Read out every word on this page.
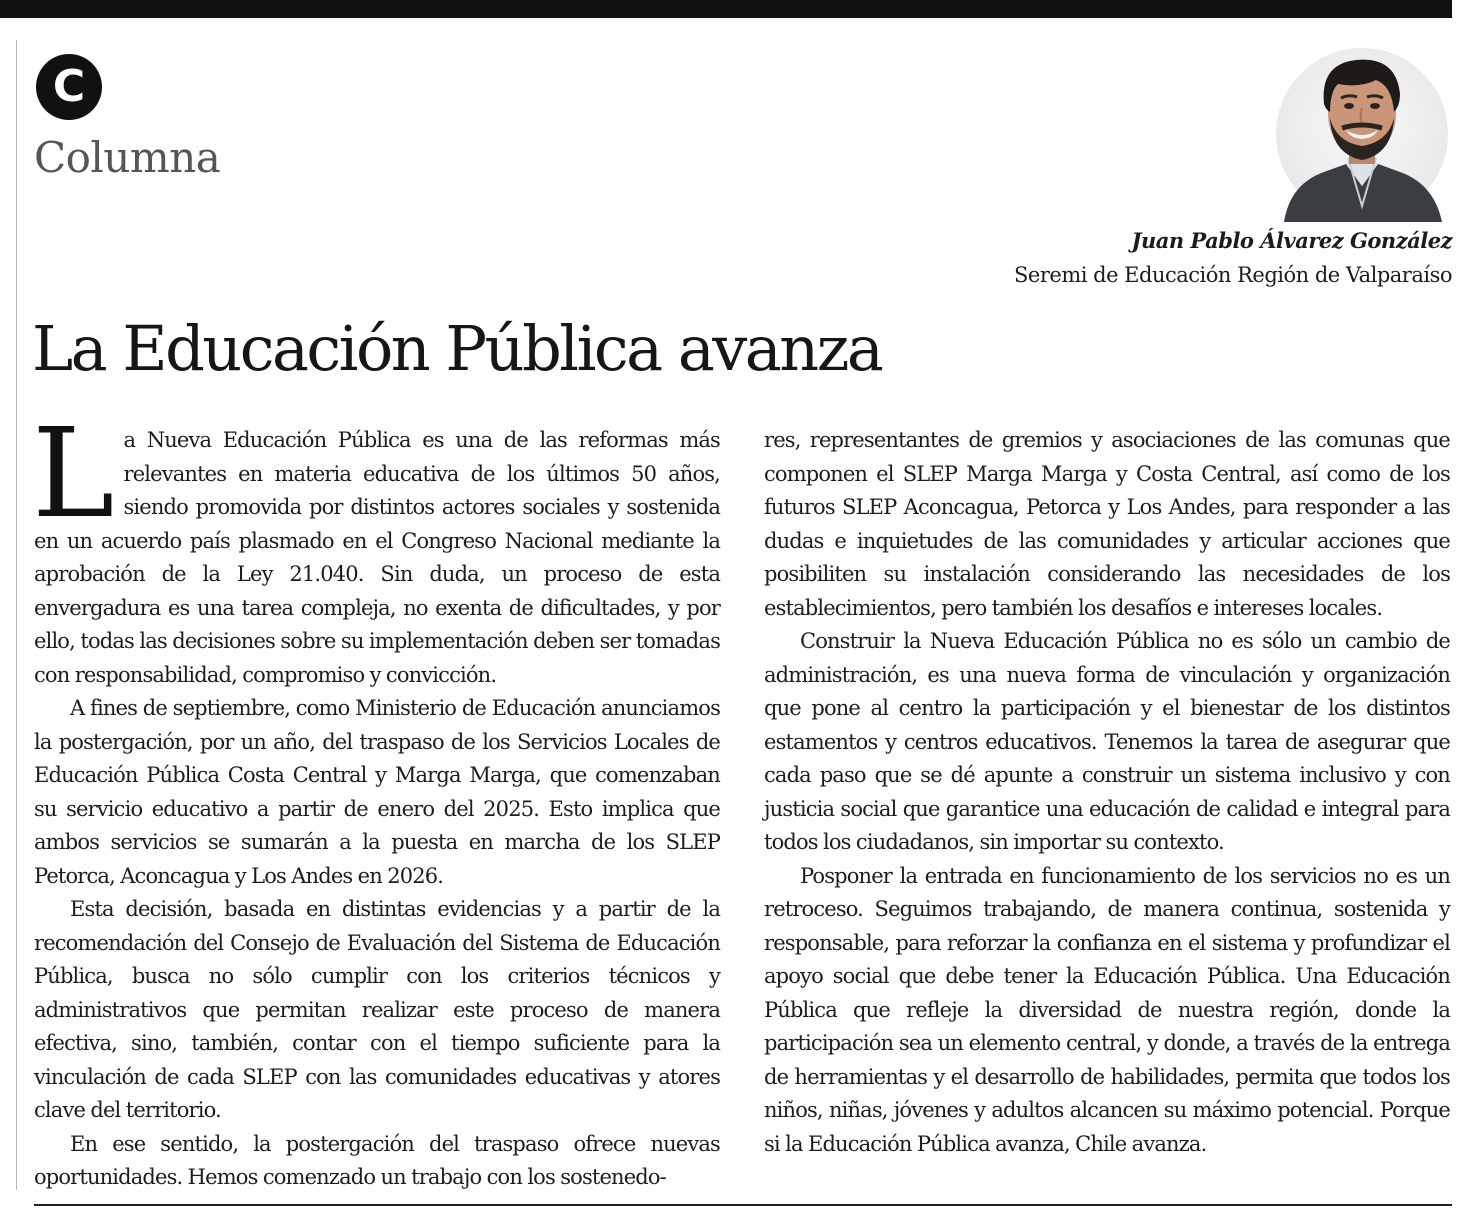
C
Columna
Juan Pablo Álvarez González
Seremi de Educación Región de Valparaíso
La Educación Pública avanza

La Nueva Educación Pública es una de las reformas más relevantes en materia educativa de los últimos 50 años, siendo promovida por distintos actores sociales y sostenida en un acuerdo país plasmado en el Congreso Nacional mediante la aprobación de la Ley 21.040. Sin duda, un proceso de esta envergadura es una tarea compleja, no exenta de dificultades, y por ello, todas las decisiones sobre su implementación deben ser tomadas con responsabilidad, compromiso y convicción.

A fines de septiembre, como Ministerio de Educación anunciamos la postergación, por un año, del traspaso de los Servicios Locales de Educación Pública Costa Central y Marga Marga, que comenzaban su servicio educativo a partir de enero del 2025. Esto implica que ambos servicios se sumarán a la puesta en marcha de los SLEP Petorca, Aconcagua y Los Andes en 2026.

Esta decisión, basada en distintas evidencias y a partir de la recomendación del Consejo de Evaluación del Sistema de Educación Pública, busca no sólo cumplir con los criterios técnicos y administrativos que permitan realizar este proceso de manera efectiva, sino, también, contar con el tiempo suficiente para la vinculación de cada SLEP con las comunidades educativas y atores clave del territorio.

En ese sentido, la postergación del traspaso ofrece nuevas oportunidades. Hemos comenzado un trabajo con los sostenedo-

res, representantes de gremios y asociaciones de las comunas que componen el SLEP Marga Marga y Costa Central, así como de los futuros SLEP Aconcagua, Petorca y Los Andes, para responder a las dudas e inquietudes de las comunidades y articular acciones que posibiliten su instalación considerando las necesidades de los establecimientos, pero también los desafíos e intereses locales.

Construir la Nueva Educación Pública no es sólo un cambio de administración, es una nueva forma de vinculación y organización que pone al centro la participación y el bienestar de los distintos estamentos y centros educativos. Tenemos la tarea de asegurar que cada paso que se dé apunte a construir un sistema inclusivo y con justicia social que garantice una educación de calidad e integral para todos los ciudadanos, sin importar su contexto.

Posponer la entrada en funcionamiento de los servicios no es un retroceso. Seguimos trabajando, de manera continua, sostenida y responsable, para reforzar la confianza en el sistema y profundizar el apoyo social que debe tener la Educación Pública. Una Educación Pública que refleje la diversidad de nuestra región, donde la participación sea un elemento central, y donde, a través de la entrega de herramientas y el desarrollo de habilidades, permita que todos los niños, niñas, jóvenes y adultos alcancen su máximo potencial. Porque si la Educación Pública avanza, Chile avanza.
